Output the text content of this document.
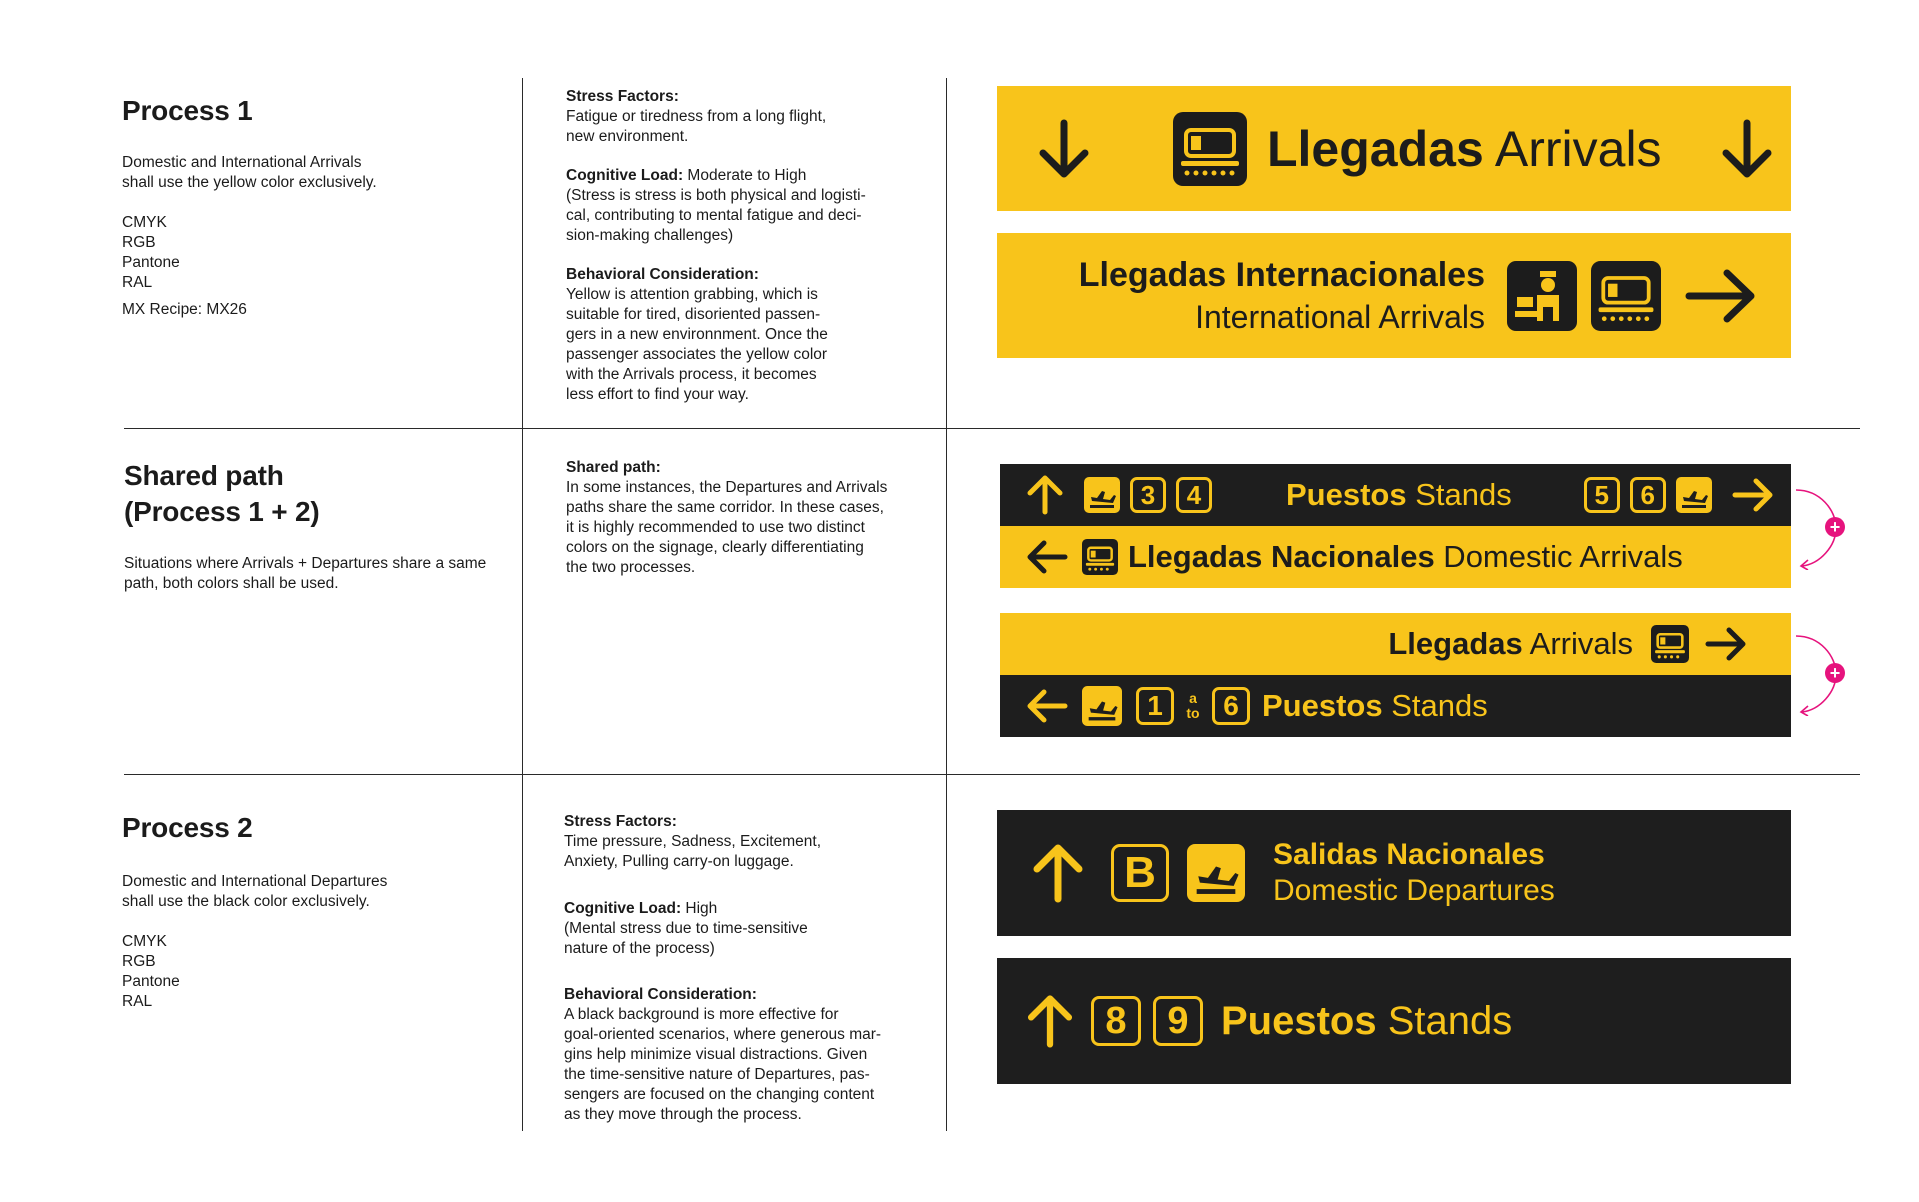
Process 1

Domestic and International Arrivals

shall use the yellow color exclusively.

CMYK

RGB

Pantone

RAL

MX Recipe: MX26

Stress Factors:

Fatigue or tiredness from a long flight,

new environment.

Cognitive Load: Moderate to High

(Stress is stress is both physical and logisti-

cal, contributing to mental fatigue and deci-

sion-making challenges)

Behavioral Consideration:

Yellow is attention grabbing, which is

suitable for tired, disoriented passen-

gers in a new environnment. Once the

passenger associates the yellow color

with the Arrivals process, it becomes

less effort to find your way.

Llegadas Arrivals
Llegadas Internacionales
International Arrivals
Shared path
(Process 1 + 2)

Situations where Arrivals + Departures share a same

path, both colors shall be used.

Shared path:

In some instances, the Departures and Arrivals

paths share the same corridor. In these cases,

it is highly recommended to use two distinct

colors on the signage, clearly differentiating

the two processes.

3	4	Puestos Stands	5	6
Llegadas Nacionales Domestic Arrivals
+
Llegadas Arrivals
1	a
to 6 Puestos Stands
+
Process 2

Domestic and International Departures

shall use the black color exclusively.

CMYK

RGB

Pantone

RAL

Stress Factors:

Time pressure, Sadness, Excitement,

Anxiety, Pulling carry-on luggage.

Cognitive Load: High

(Mental stress due to time-sensitive

nature of the process)

Behavioral Consideration:

A black background is more effective for

goal-oriented scenarios, where generous mar-

gins help minimize visual distractions. Given

the time-sensitive nature of Departures, pas-

sengers are focused on the changing content

as they move through the process.

B	Salidas Nacionales
Domestic Departures
8	9 Puestos Stands
